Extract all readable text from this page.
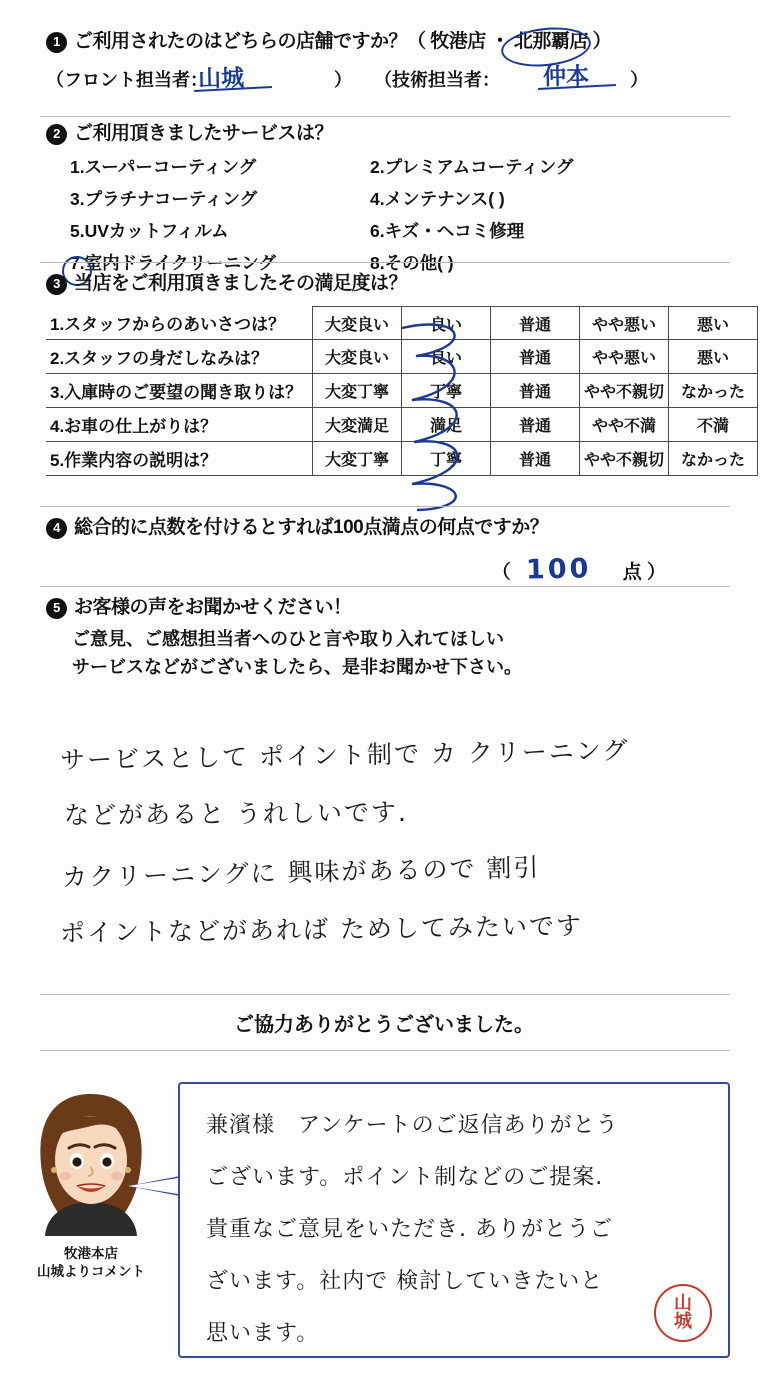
1 ご利用されたのはどちらの店舗ですか？（ 牧港店 ・ 北那覇店 ）
（フロント担当者：	） （技術担当者：	）
山城	仲本
2 ご利用頂きましたサービスは？
1.スーパーコーティング	2.プレミアムコーティング
3.プラチナコーティング	4.メンテナンス( )
5.UVカットフィルム	6.キズ・ヘコミ修理
7.室内ドライクリーニング	8.その他( )
3 当店をご利用頂きましたその満足度は？
1.スタッフからのあいさつは？	大変良い	良い	普通	やや悪い	悪い
2.スタッフの身だしなみは？	大変良い	良い	普通	やや悪い	悪い
3.入庫時のご要望の聞き取りは？	大変丁寧	丁寧	普通	やや不親切	なかった
4.お車の仕上がりは？	大変満足	満足	普通	やや不満	不満
5.作業内容の説明は？	大変丁寧	丁寧	普通	やや不親切	なかった
4 総合的に点数を付けるとすれば100点満点の何点ですか？
（ 100 点 ）
5 お客様の声をお聞かせください！
ご意見、ご感想担当者へのひと言や取り入れてほしい
サービスなどがございましたら、是非お聞かせ下さい。
サービスとして ポイント制で カ クリーニング
などがあると うれしいです.
カクリーニングに 興味があるので 割引
ポイントなどがあれば ためしてみたいです
ご協力ありがとうございました。
牧港本店
山城よりコメント
兼濱様　アンケートのご返信ありがとう
ございます。ポイント制などのご提案.
貴重なご意見をいただき. ありがとうご
ざいます。社内で 検討していきたいと
思います。
山
城
